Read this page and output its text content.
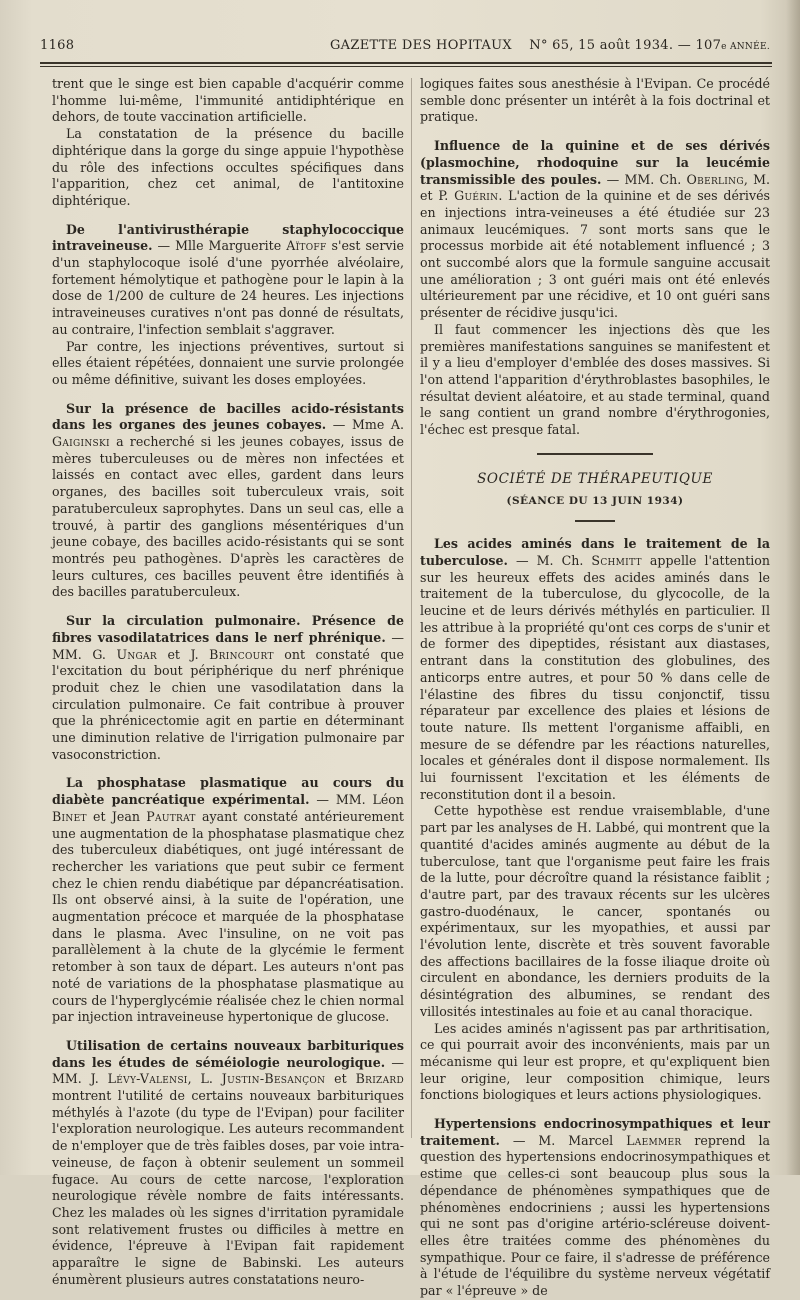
1168	GAZETTE DES HOPITAUX N° 65, 15 août 1934. — 107e ANNÉE.

trent que le singe est bien capable d'acquérir comme l'homme lui-même, l'immunité antidiphtérique en dehors, de toute vaccination artificielle.

La constatation de la présence du bacille diphtérique dans la gorge du singe appuie l'hypothèse du rôle des infections occultes spécifiques dans l'apparition, chez cet animal, de l'antitoxine diphtérique.

De l'antivirusthérapie staphylococcique intraveineuse. — Mlle Marguerite Aïtoff s'est servie d'un staphylocoque isolé d'une pyorrhée alvéolaire, fortement hémolytique et pathogène pour le lapin à la dose de 1/200 de culture de 24 heures. Les injections intraveineuses curatives n'ont pas donné de résultats, au contraire, l'infection semblait s'aggraver.

Par contre, les injections préventives, surtout si elles étaient répétées, donnaient une survie prolongée ou même définitive, suivant les doses employées.

Sur la présence de bacilles acido-résistants dans les organes des jeunes cobayes. — Mme A. Gaiginski a recherché si les jeunes cobayes, issus de mères tuberculeuses ou de mères non infectées et laissés en contact avec elles, gardent dans leurs organes, des bacilles soit tuberculeux vrais, soit paratuberculeux saprophytes. Dans un seul cas, elle a trouvé, à partir des ganglions mésentériques d'un jeune cobaye, des bacilles acido-résistants qui se sont montrés peu pathogènes. D'après les caractères de leurs cultures, ces bacilles peuvent être identifiés à des bacilles paratuberculeux.

Sur la circulation pulmonaire. Présence de fibres vasodilatatrices dans le nerf phrénique. — MM. G. Ungar et J. Brincourt ont constaté que l'excitation du bout périphérique du nerf phrénique produit chez le chien une vasodilatation dans la circulation pulmonaire. Ce fait contribue à prouver que la phrénicectomie agit en partie en déterminant une diminution relative de l'irrigation pulmonaire par vasoconstriction.

La phosphatase plasmatique au cours du diabète pancréatique expérimental. — MM. Léon Binet et Jean Pautrat ayant constaté antérieurement une augmentation de la phosphatase plasmatique chez des tuberculeux diabétiques, ont jugé intéressant de rechercher les variations que peut subir ce ferment chez le chien rendu diabétique par dépancréatisation. Ils ont observé ainsi, à la suite de l'opération, une augmentation précoce et marquée de la phosphatase dans le plasma. Avec l'insuline, on ne voit pas parallèlement à la chute de la glycémie le ferment retomber à son taux de départ. Les auteurs n'ont pas noté de variations de la phosphatase plasmatique au cours de l'hyperglycémie réalisée chez le chien normal par injection intraveineuse hypertonique de glucose.

Utilisation de certains nouveaux barbituriques dans les études de séméiologie neurologique. — MM. J. Lévy-Valensi, L. Justin-Besançon et Brizard montrent l'utilité de certains nouveaux barbituriques méthylés à l'azote (du type de l'Evipan) pour faciliter l'exploration neurologique. Les auteurs recommandent de n'employer que de très faibles doses, par voie intra-veineuse, de façon à obtenir seulement un sommeil fugace. Au cours de cette narcose, l'exploration neurologique révèle nombre de faits intéressants. Chez les malades où les signes d'irritation pyramidale sont relativement frustes ou difficiles à mettre en évidence, l'épreuve à l'Evipan fait rapidement apparaître le signe de Babinski. Les auteurs énumèrent plusieurs autres constatations neuro-

logiques faites sous anesthésie à l'Evipan. Ce procédé semble donc présenter un intérêt à la fois doctrinal et pratique.

Influence de la quinine et de ses dérivés (plasmochine, rhodoquine sur la leucémie transmissible des poules. — MM. Ch. Oberling, M. et P. Guérin. L'action de la quinine et de ses dérivés en injections intra-veineuses a été étudiée sur 23 animaux leucémiques. 7 sont morts sans que le processus morbide ait été notablement influencé ; 3 ont succombé alors que la formule sanguine accusait une amélioration ; 3 ont guéri mais ont été enlevés ultérieurement par une récidive, et 10 ont guéri sans présenter de récidive jusqu'ici.

Il faut commencer les injections dès que les premières manifestations sanguines se manifestent et il y a lieu d'employer d'emblée des doses massives. Si l'on attend l'apparition d'érythroblastes basophiles, le résultat devient aléatoire, et au stade terminal, quand le sang contient un grand nombre d'érythrogonies, l'échec est presque fatal.

SOCIÉTÉ DE THÉRAPEUTIQUE
(SÉANCE DU 13 JUIN 1934)

Les acides aminés dans le traitement de la tuberculose. — M. Ch. Schmitt appelle l'attention sur les heureux effets des acides aminés dans le traitement de la tuberculose, du glycocolle, de la leucine et de leurs dérivés méthylés en particulier. Il les attribue à la propriété qu'ont ces corps de s'unir et de former des dipeptides, résistant aux diastases, entrant dans la constitution des globulines, des anticorps entre autres, et pour 50 % dans celle de l'élastine des fibres du tissu conjonctif, tissu réparateur par excellence des plaies et lésions de toute nature. Ils mettent l'organisme affaibli, en mesure de se défendre par les réactions naturelles, locales et générales dont il dispose normalement. Ils lui fournissent l'excitation et les éléments de reconstitution dont il a besoin.

Cette hypothèse est rendue vraisemblable, d'une part par les analyses de H. Labbé, qui montrent que la quantité d'acides aminés augmente au début de la tuberculose, tant que l'organisme peut faire les frais de la lutte, pour décroître quand la résistance faiblit ; d'autre part, par des travaux récents sur les ulcères gastro-duodénaux, le cancer, spontanés ou expérimentaux, sur les myopathies, et aussi par l'évolution lente, discrète et très souvent favorable des affections bacillaires de la fosse iliaque droite où circulent en abondance, les derniers produits de la désintégration des albumines, se rendant des villosités intestinales au foie et au canal thoracique.

Les acides aminés n'agissent pas par arthritisation, ce qui pourrait avoir des inconvénients, mais par un mécanisme qui leur est propre, et qu'expliquent bien leur origine, leur composition chimique, leurs fonctions biologiques et leurs actions physiologiques.

Hypertensions endocrinosympathiques et leur traitement. — M. Marcel Laemmer reprend la question des hypertensions endocrinosympathiques et estime que celles-ci sont beaucoup plus sous la dépendance de phénomènes sympathiques que de phénomènes endocriniens ; aussi les hypertensions qui ne sont pas d'origine artério-scléreuse doivent-elles être traitées comme des phénomènes du sympathique. Pour ce faire, il s'adresse de préférence à l'étude de l'équilibre du système nerveux végétatif par « l'épreuve » de
